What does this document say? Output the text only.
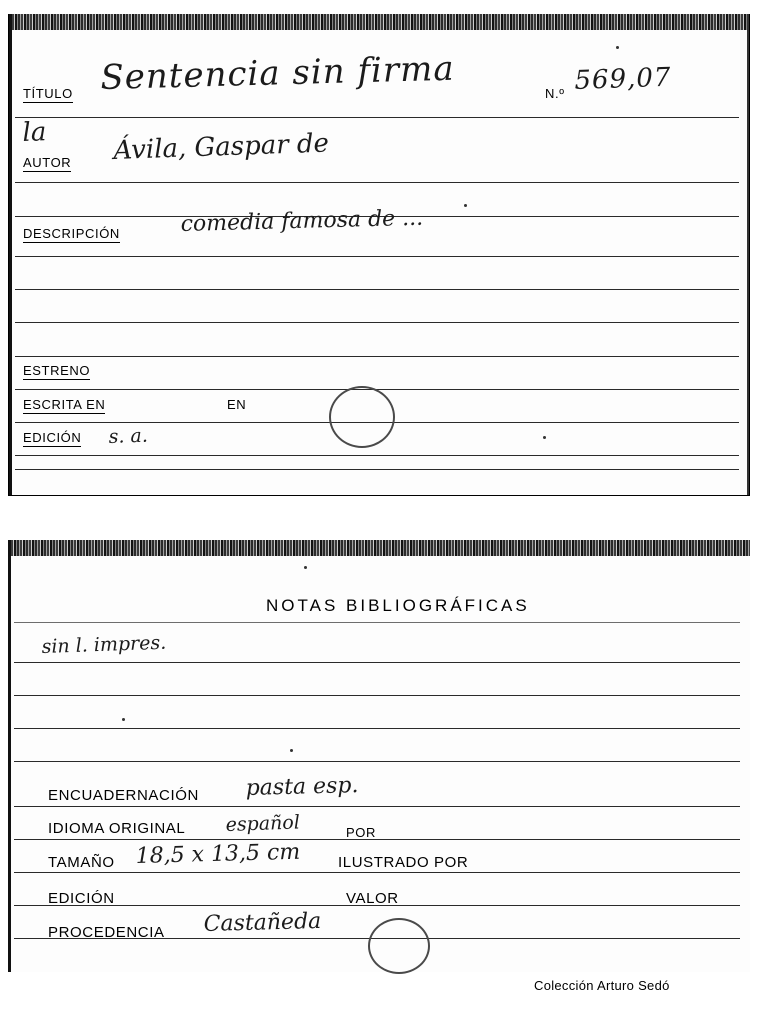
TÍTULO Sentencia sin firma	N.º 569,07
la
AUTOR Ávila, Gaspar de
DESCRIPCIÓN	comedia famosa de ...
ESTRENO
ESCRITA EN	EN
EDICIÓN s. a.
NOTAS BIBLIOGRÁFICAS
sin l. impres.
ENCUADERNACIÓN pasta esp.
IDIOMA ORIGINAL español	POR
TAMAÑO 18,5 x 13,5 cm	ILUSTRADO POR
EDICIÓN	VALOR
PROCEDENCIA Castañeda
Colección Arturo Sedó
